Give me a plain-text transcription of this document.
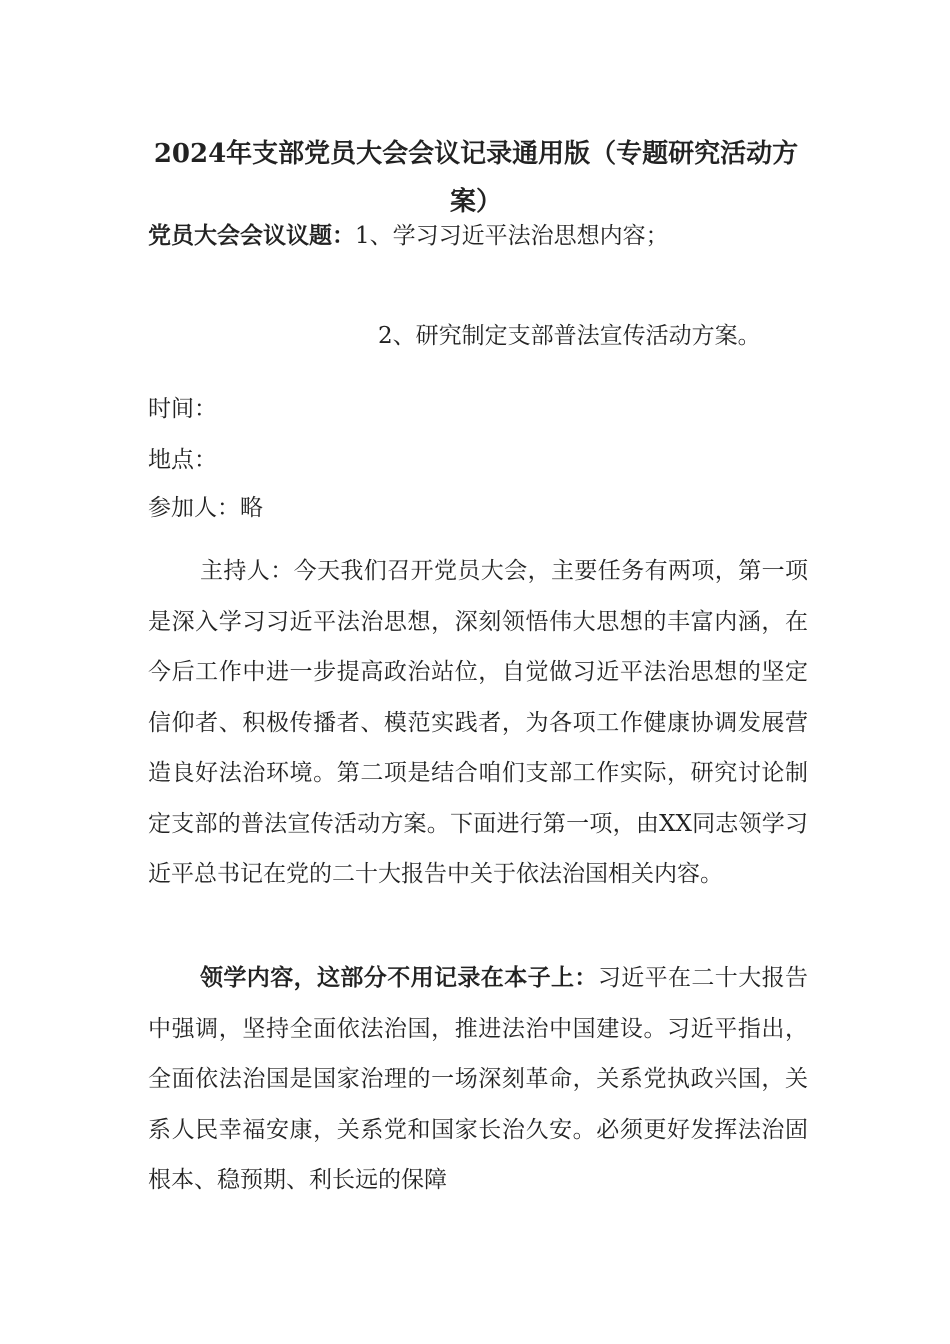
2024年支部党员大会会议记录通用版（专题研究活动方案）
党员大会会议议题：1、学习习近平法治思想内容；
2、研究制定支部普法宣传活动方案。
时间：
地点：
参加人：略

主持人：今天我们召开党员大会，主要任务有两项，第一项是深入学习习近平法治思想，深刻领悟伟大思想的丰富内涵，在今后工作中进一步提高政治站位，自觉做习近平法治思想的坚定信仰者、积极传播者、模范实践者，为各项工作健康协调发展营造良好法治环境。第二项是结合咱们支部工作实际，研究讨论制定支部的普法宣传活动方案。下面进行第一项，由XX同志领学习近平总书记在党的二十大报告中关于依法治国相关内容。

领学内容，这部分不用记录在本子上：习近平在二十大报告中强调，坚持全面依法治国，推进法治中国建设。习近平指出，全面依法治国是国家治理的一场深刻革命，关系党执政兴国，关系人民幸福安康，关系党和国家长治久安。必须更好发挥法治固根本、稳预期、利长远的保障
